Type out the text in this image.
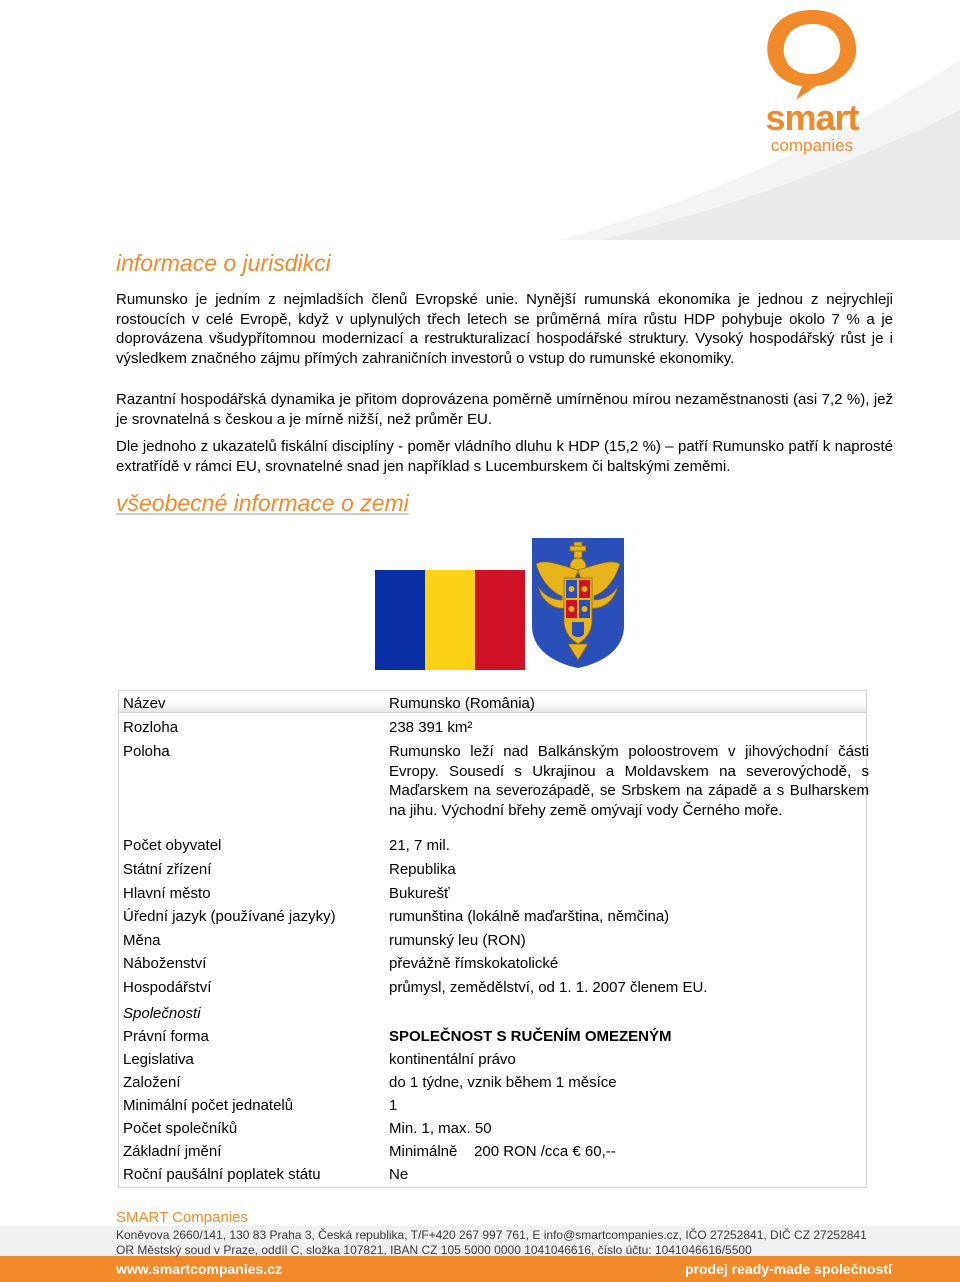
smart
companies
informace o jurisdikci

Rumunsko je jedním z nejmladších členů Evropské unie. Nynější rumunská ekonomika je jednou z nejrychleji rostoucích v celé Evropě, když v uplynulých třech letech se průměrná míra růstu HDP pohybuje okolo 7 % a je doprovázena všudypřítomnou modernizací a restrukturalizací hospodářské struktury. Vysoký hospodářský růst je i výsledkem značného zájmu přímých zahraničních investorů o vstup do rumunské ekonomiky.

Razantní hospodářská dynamika je přitom doprovázena poměrně umírněnou mírou nezaměstnanosti (asi 7,2 %), jež je srovnatelná s českou a je mírně nižší, než průměr EU.

Dle jednoho z ukazatelů fiskální disciplíny - poměr vládního dluhu k HDP (15,2 %) – patří Rumunsko patří k naprosté extratřídě v rámci EU, srovnatelné snad jen například s Lucemburskem či baltskými zeměmi.

všeobecné informace o zemi
Název	Rumunsko (România)
Rozloha	238 391 km²
Poloha	Rumunsko leží nad Balkánským poloostrovem v jihovýchodní části Evropy. Sousedí s Ukrajinou a Moldavskem na severovýchodě, s Maďarskem na severozápadě, se Srbskem na západě a s Bulharskem na jihu. Východní břehy země omývají vody Černého moře.
Počet obyvatel	21, 7 mil.
Státní zřízení	Republika
Hlavní město	Bukurešť
Úřední jazyk (používané jazyky)	rumunština (lokálně maďarština, němčina)
Měna	rumunský leu (RON)
Náboženství	převážně římskokatolické
Hospodářství	průmysl, zemědělství, od 1. 1. 2007 členem EU.
Společnosti
Právní forma	SPOLEČNOST S RUČENÍM OMEZENÝM
Legislativa	kontinentální právo
Založení	do 1 týdne, vznik během 1 měsíce
Minimální počet jednatelů	1
Počet společníků	Min. 1, max. 50
Základní jmění	Minimálně    200 RON /cca € 60,--
Roční paušální poplatek státu	Ne
SMART Companies
Koněvova 2660/141, 130 83 Praha 3, Česká republika, T/F+420 267 997 761, E info@smartcompanies.cz, IČO 27252841, DIČ CZ 27252841
OR Městský soud v Praze, oddíl C, složka 107821, IBAN CZ 105 5000 0000 1041046616, číslo účtu: 1041046616/5500
www.smartcompanies.cz	prodej ready-made společností
